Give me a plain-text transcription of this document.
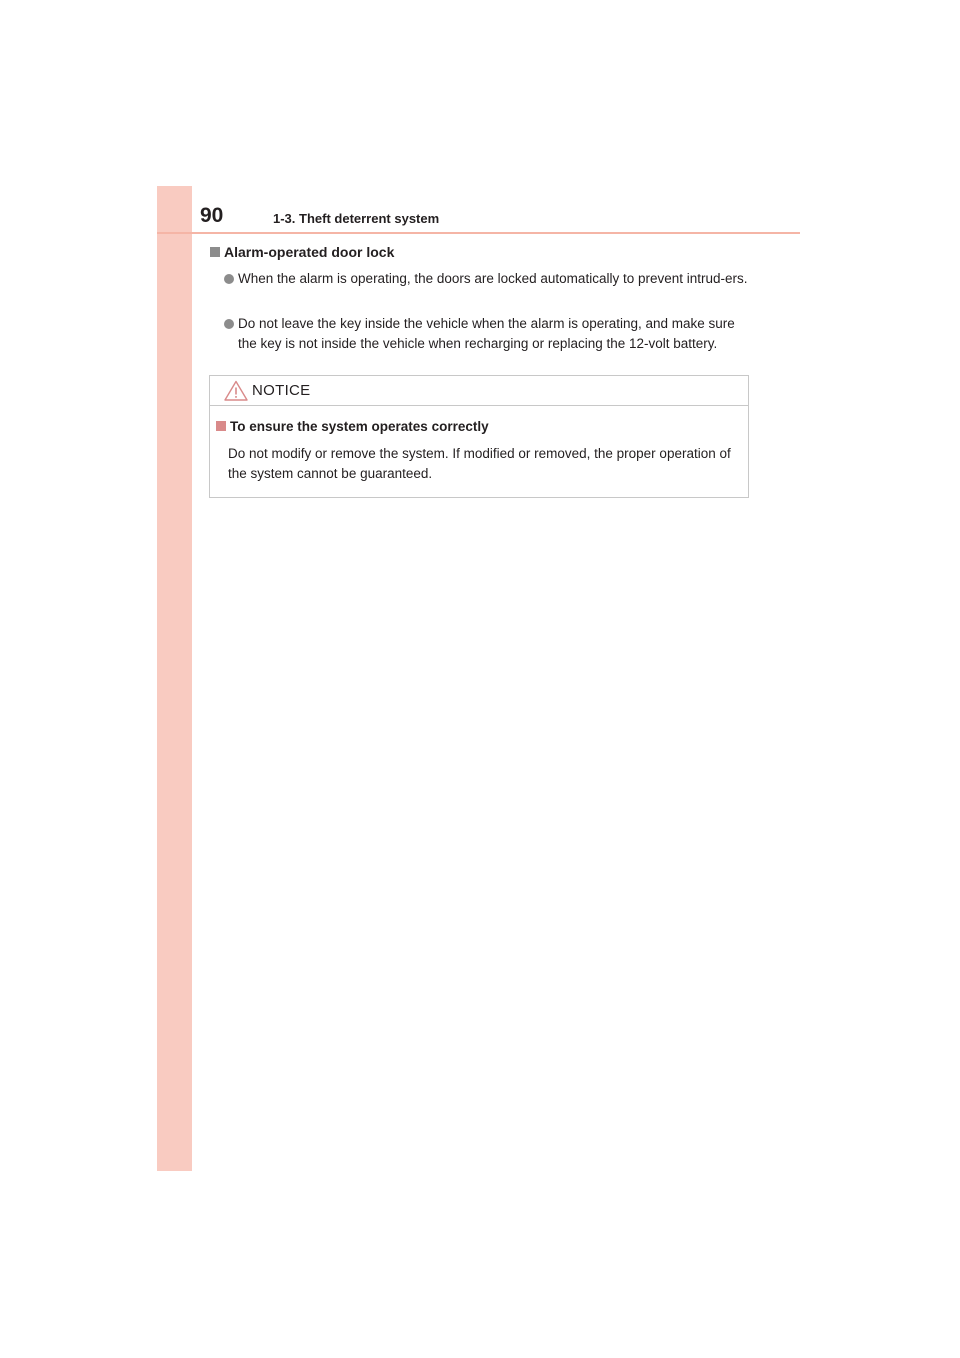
90	1-3. Theft deterrent system
Alarm-operated door lock
When the alarm is operating, the doors are locked automatically to prevent intrud-ers.
Do not leave the key inside the vehicle when the alarm is operating, and make sure the key is not inside the vehicle when recharging or replacing the 12-volt battery.
NOTICE
To ensure the system operates correctly
Do not modify or remove the system. If modified or removed, the proper operation of the system cannot be guaranteed.
